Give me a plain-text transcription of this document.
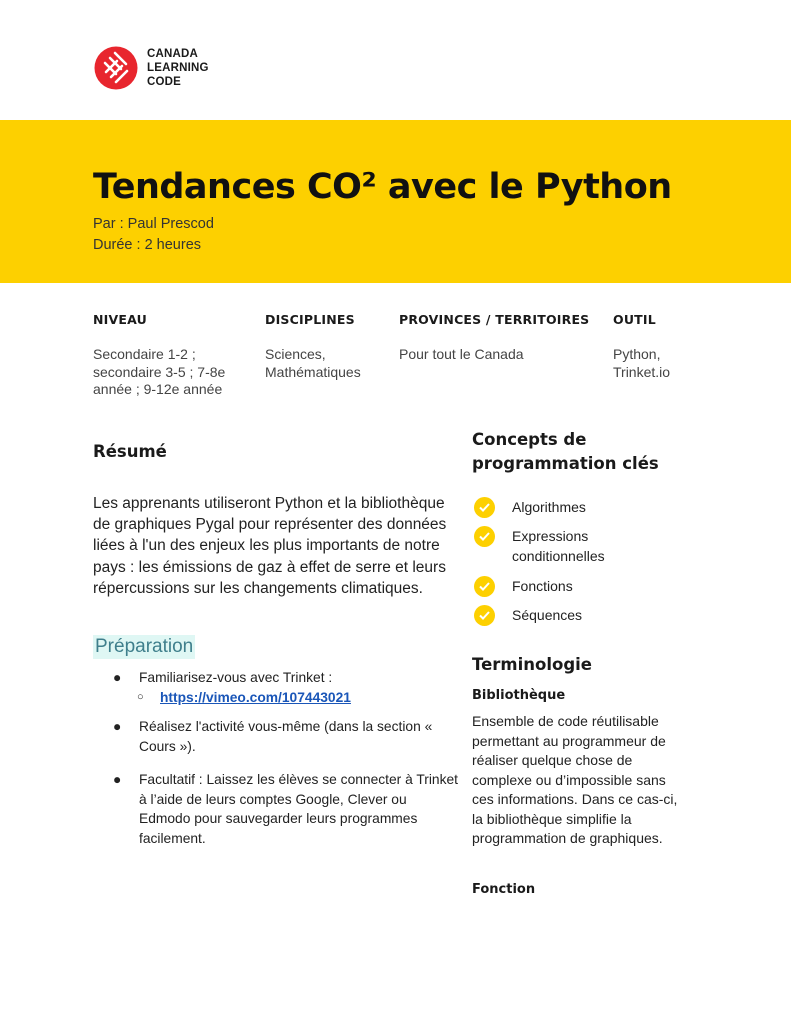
CANADA
LEARNING
CODE
Tendances CO² avec le Python
Par : Paul Prescod
Durée : 2 heures
NIVEAU
Secondaire 1-2 ; secondaire 3-5 ; 7-8e année ; 9-12e année
DISCIPLINES
Sciences, Mathématiques
PROVINCES / TERRITOIRES
Pour tout le Canada
OUTIL
Python, Trinket.io
Résumé
Les apprenants utiliseront Python et la bibliothèque de graphiques Pygal pour représenter des données liées à l'un des enjeux les plus importants de notre pays : les émissions de gaz à effet de serre et leurs répercussions sur les changements climatiques.
Préparation
● Familiarisez-vous avec Trinket :
○ https://vimeo.com/107443021
● Réalisez l'activité vous-même (dans la section « Cours »).
● Facultatif : Laissez les élèves se connecter à Trinket à l’aide de leurs comptes Google, Clever ou Edmodo pour sauvegarder leurs programmes facilement.
Concepts de programmation clés
Algorithmes
Expressions conditionnelles
Fonctions
Séquences
Terminologie
Bibliothèque
Ensemble de code réutilisable permettant au programmeur de réaliser quelque chose de complexe ou d’impossible sans ces informations. Dans ce cas-ci, la bibliothèque simplifie la programmation de graphiques.
Fonction
